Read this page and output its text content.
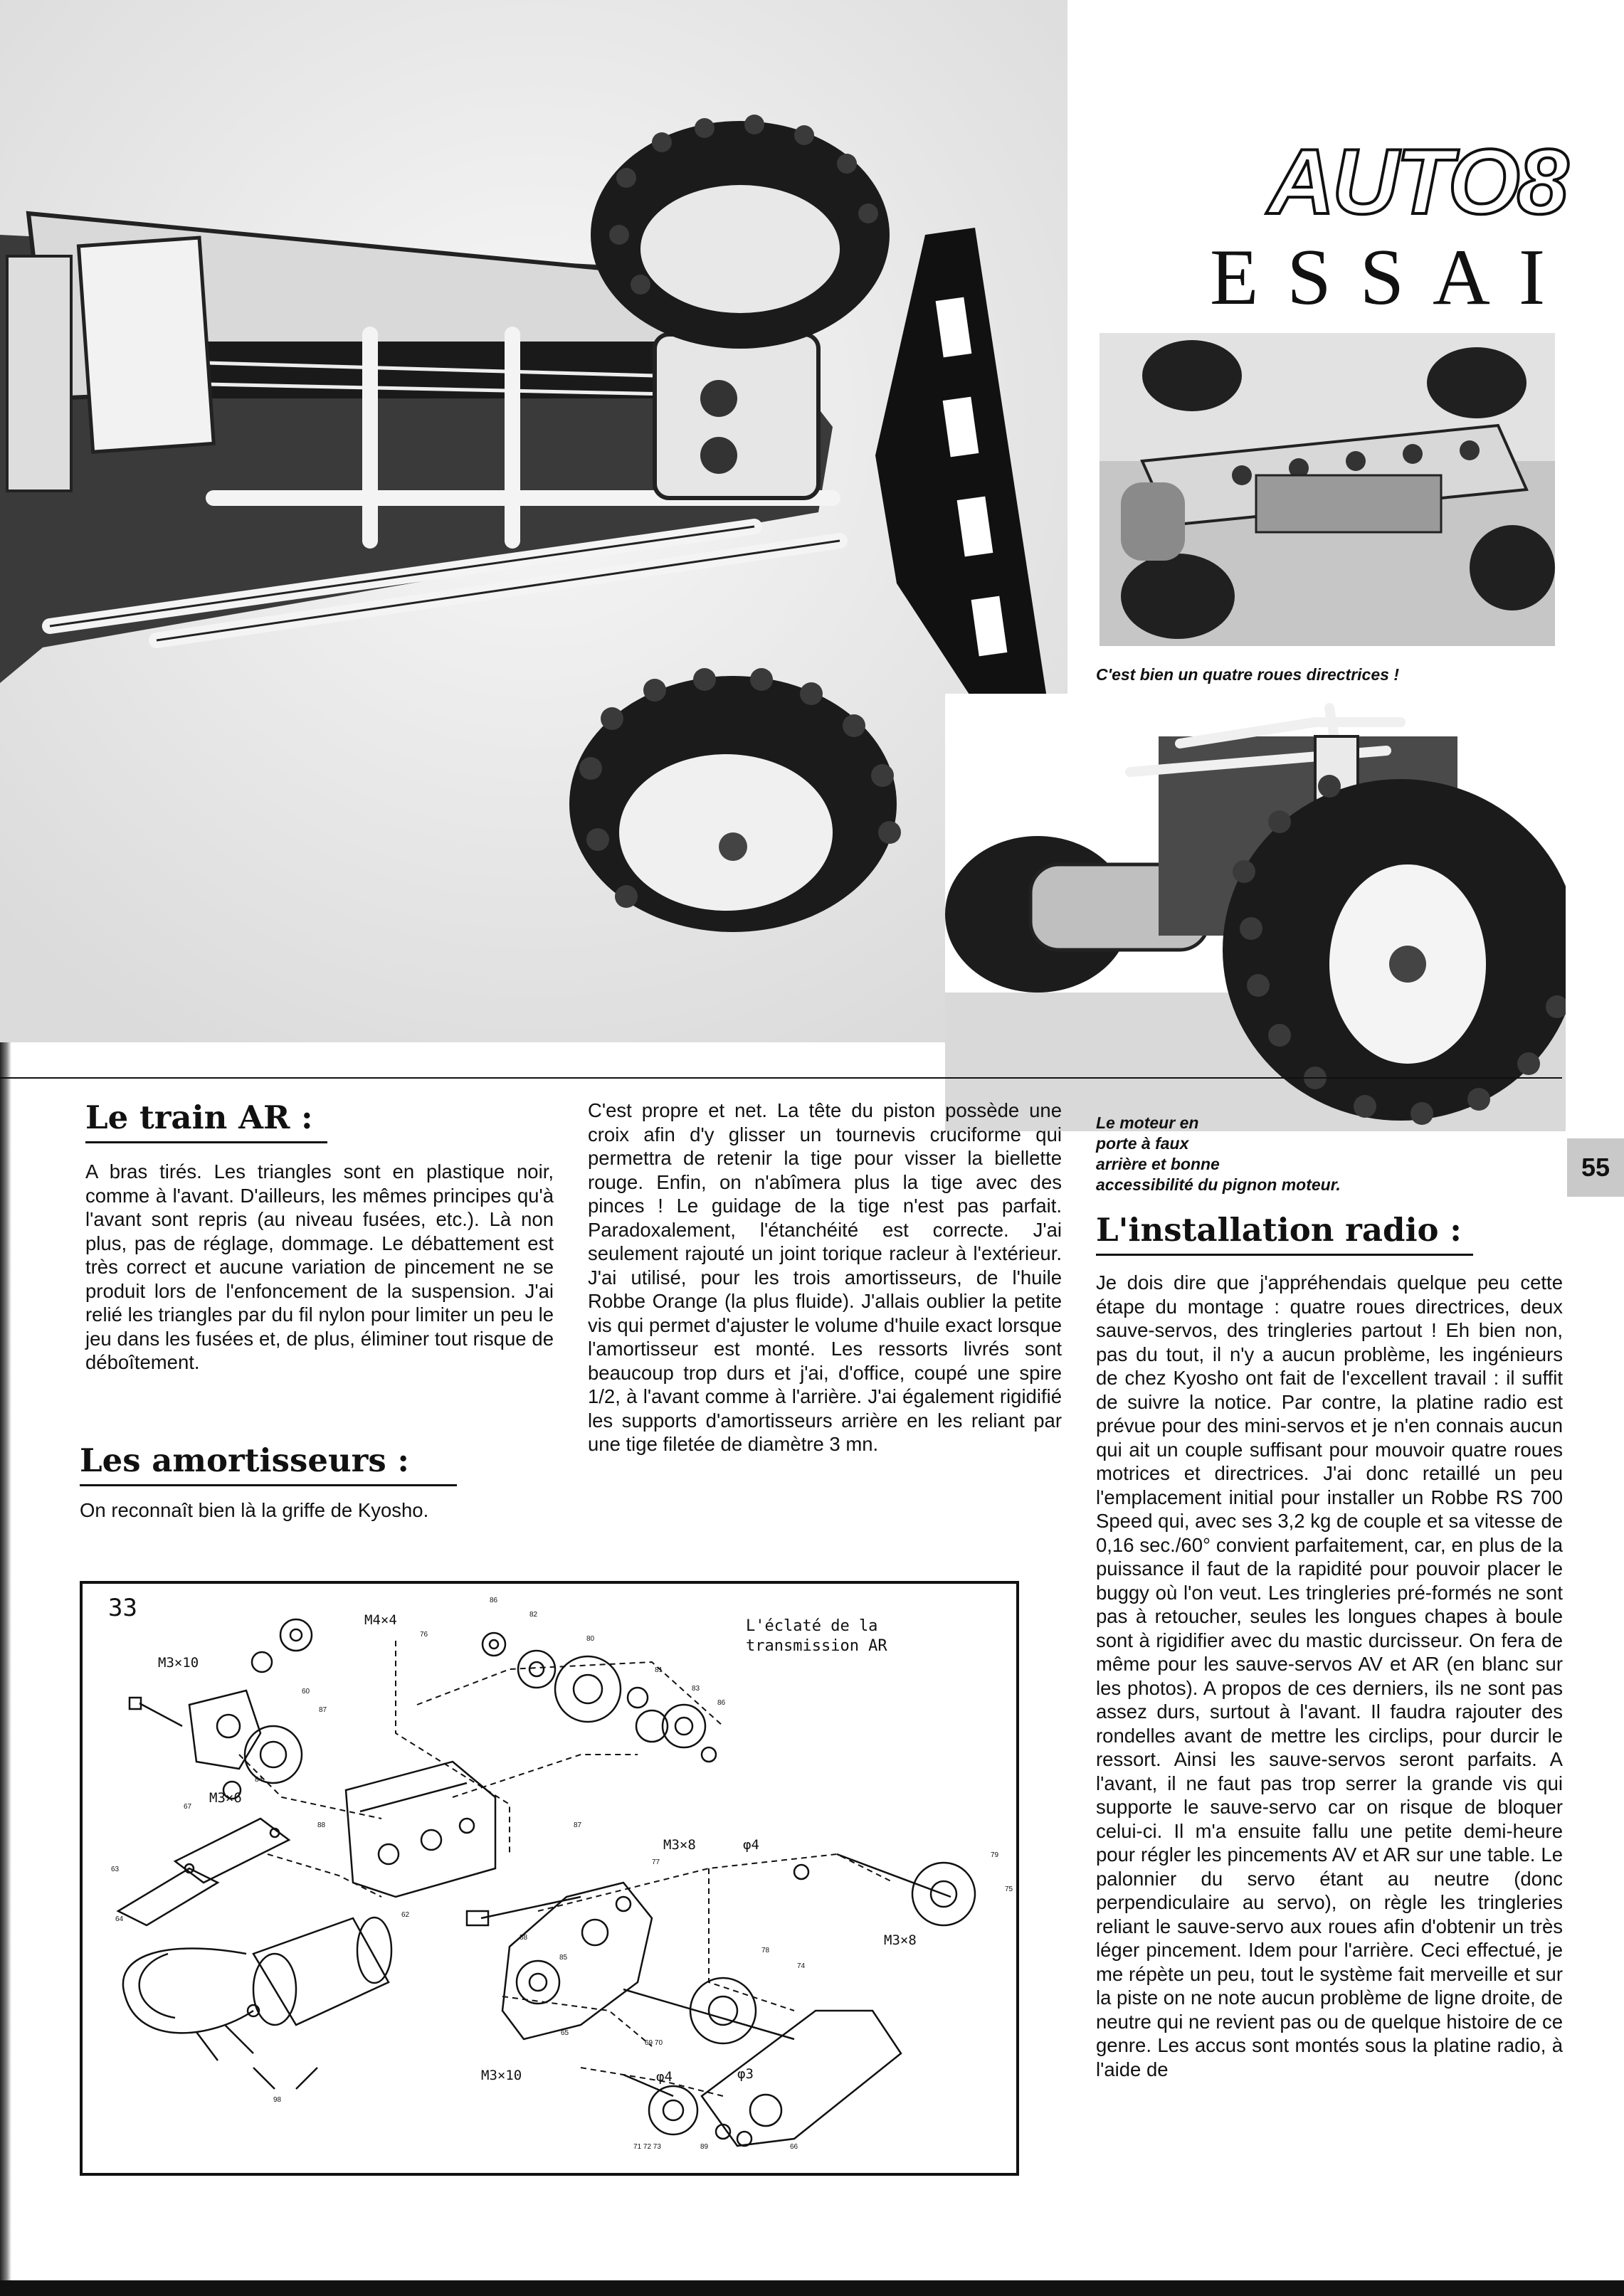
AUTO8
ESSAI
C'est bien un quatre roues directrices !
Le moteur en
porte à faux
arrière et bonne
accessibilité du pignon moteur.
55
Le train AR :

A bras tirés. Les triangles sont en plastique noir, comme à l'avant. D'ailleurs, les mêmes principes qu'à l'avant sont repris (au niveau fusées, etc.). Là non plus, pas de réglage, dommage. Le débattement est très correct et aucune variation de pincement ne se produit lors de l'enfoncement de la suspension. J'ai relié les triangles par du fil nylon pour limiter un peu le jeu dans les fusées et, de plus, éliminer tout risque de déboîtement.

Les amortisseurs :

On reconnaît bien là la griffe de Kyosho.

C'est propre et net. La tête du piston possède une croix afin d'y glisser un tournevis cruciforme qui permettra de retenir la tige pour visser la biellette rouge. Enfin, on n'abîmera plus la tige avec des pinces ! Le guidage de la tige n'est pas parfait. Paradoxalement, l'étanchéité est correcte. J'ai seulement rajouté un joint torique racleur à l'extérieur. J'ai utilisé, pour les trois amortisseurs, de l'huile Robbe Orange (la plus fluide). J'allais oublier la petite vis qui permet d'ajuster le volume d'huile exact lorsque l'amortisseur est monté. Les ressorts livrés sont beaucoup trop durs et j'ai, d'office, coupé une spire 1/2, à l'avant comme à l'arrière. J'ai également rigidifié les supports d'amortisseurs arrière en les reliant par une tige filetée de diamètre 3 mn.

L'installation radio :

Je dois dire que j'appréhendais quelque peu cette étape du montage : quatre roues directrices, deux sauve-servos, des tringleries partout ! Eh bien non, pas du tout, il n'y a aucun problème, les ingénieurs de chez Kyosho ont fait de l'excellent travail : il suffit de suivre la notice. Par contre, la platine radio est prévue pour des mini-servos et je n'en connais aucun qui ait un couple suffisant pour mouvoir quatre roues motrices et directrices. J'ai donc retaillé un peu l'emplacement initial pour installer un Robbe RS 700 Speed qui, avec ses 3,2 kg de couple et sa vitesse de 0,16 sec./60° convient parfaitement, car, en plus de la puissance il faut de la rapidité pour pouvoir placer le buggy où l'on veut. Les tringleries pré-formés ne sont pas à retoucher, seules les longues chapes à boule sont à rigidifier avec du mastic durcisseur. On fera de même pour les sauve-servos AV et AR (en blanc sur les photos). A propos de ces derniers, ils ne sont pas assez durs, surtout à l'avant. Il faudra rajouter des rondelles avant de mettre les circlips, pour durcir le ressort. Ainsi les sauve-servos seront parfaits. A l'avant, il ne faut pas trop serrer la grande vis qui supporte le sauve-servo car on risque de bloquer celui-ci. Il m'a ensuite fallu une petite demi-heure pour régler les pincements AV et AR sur une table. Le palonnier du servo étant au neutre (donc perpendiculaire au servo), on règle les tringleries reliant le sauve-servo aux roues afin d'obtenir un très léger pincement. Idem pour l'arrière. Ceci effectué, je me répète un peu, tout le système fait merveille et sur la piste on ne note aucun problème de ligne droite, de neutre qui ne revient pas ou de quelque histoire de ce genre. Les accus sont montés sous la platine radio, à l'aide de

33
L'éclaté de la
transmission AR
M4×4
M3×10
M3×6
M3×8	φ4
M3×8
M3×10	φ4	φ3
76
86
82
80
81
83
86
60
87
84
67
88	87
77
79
75
63
64
62
88
85
78
74
65
69 70
98
71 72 73	89	66
